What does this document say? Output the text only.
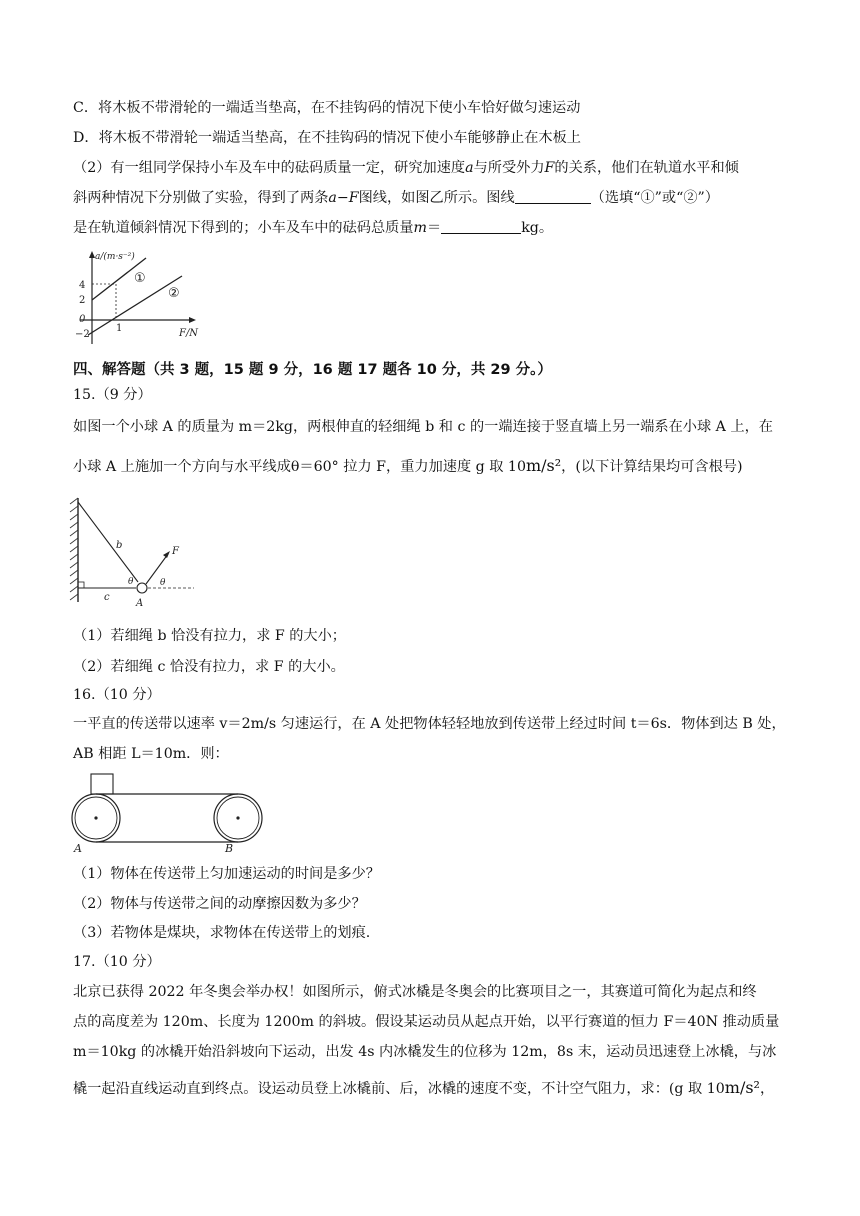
C．将木板不带滑轮的一端适当垫高，在不挂钩码的情况下使小车恰好做匀速运动
D．将木板不带滑轮一端适当垫高，在不挂钩码的情况下使小车能够静止在木板上
（2）有一组同学保持小车及车中的砝码质量一定，研究加速度a与所受外力F的关系，他们在轨道水平和倾
斜两种情况下分别做了实验，得到了两条a−F图线，如图乙所示。图线	（选填“①”或“②”）
是在轨道倾斜情况下得到的；小车及车中的砝码总质量m＝	kg。
a/(m·s⁻²)
4
2
0
−2
1	F/N
①
②
四、解答题（共 3 题，15 题 9 分，16 题 17 题各 10 分，共 29 分。）
15.（9 分）
如图一个小球 A 的质量为 m＝2kg，两根伸直的轻细绳 b 和 c 的一端连接于竖直墙上另一端系在小球 A 上，在
小球 A 上施加一个方向与水平线成θ＝60° 拉力 F，重力加速度 g 取 10m/s²，(以下计算结果均可含根号)
b
c
A
F
θ	θ
（1）若细绳 b 恰没有拉力，求 F 的大小；
（2）若细绳 c 恰没有拉力，求 F 的大小。
16.（10 分）
一平直的传送带以速率 v＝2m/s 匀速运行，在 A 处把物体轻轻地放到传送带上经过时间 t＝6s．物体到达 B 处，
AB 相距 L＝10m．则：
A	B
（1）物体在传送带上匀加速运动的时间是多少？
（2）物体与传送带之间的动摩擦因数为多少？
（3）若物体是煤块，求物体在传送带上的划痕.
17.（10 分）
北京已获得 2022 年冬奥会举办权！如图所示，俯式冰橇是冬奥会的比赛项目之一，其赛道可简化为起点和终
点的高度差为 120m、长度为 1200m 的斜坡。假设某运动员从起点开始，以平行赛道的恒力 F＝40N 推动质量
m＝10kg 的冰橇开始沿斜坡向下运动，出发 4s 内冰橇发生的位移为 12m，8s 末，运动员迅速登上冰橇，与冰
橇一起沿直线运动直到终点。设运动员登上冰橇前、后，冰橇的速度不变，不计空气阻力，求：(g 取 10m/s²，
